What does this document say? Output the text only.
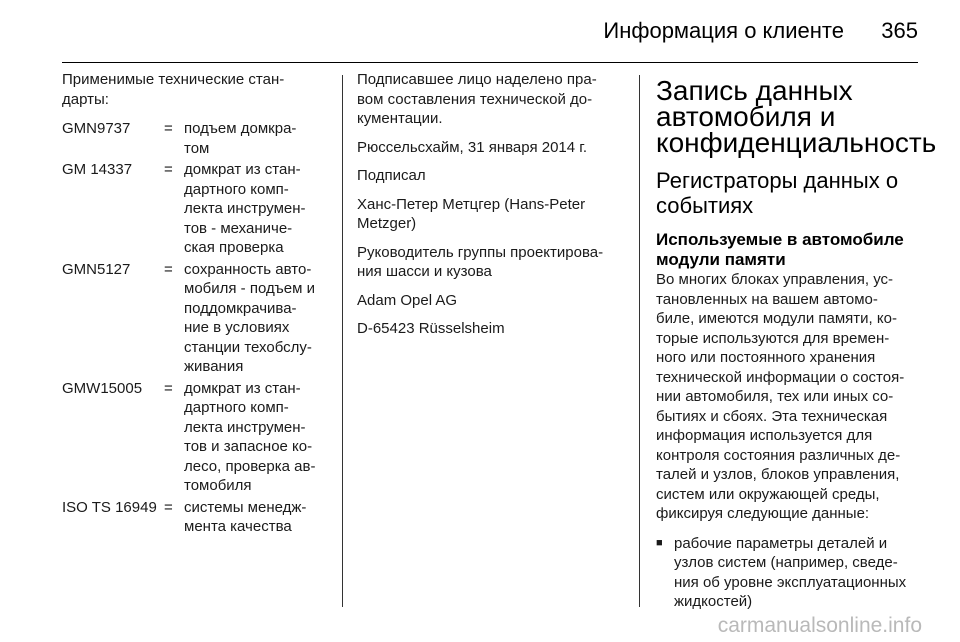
Информация о клиенте 365

Применимые технические стан-
дарты:

GMN9737	= подъем домкра-
том
GM 14337	= домкрат из стан-
дартного комп-
лекта инструмен-
тов - механиче-
ская проверка
GMN5127	= сохранность авто-
мобиля - подъем и
поддомкрачива-
ние в условиях
станции техобслу-
живания
GMW15005	= домкрат из стан-
дартного комп-
лекта инструмен-
тов и запасное ко-
лесо, проверка ав-
томобиля
ISO TS 16949 = системы менедж-
мента качества

Подписавшее лицо наделено пра-
вом составления технической до-
кументации.

Рюссельсхайм, 31 января 2014 г.

Подписал

Ханс-Петер Метцгер (Hans-Peter
Metzger)

Руководитель группы проектирова-
ния шасси и кузова

Adam Opel AG

D-65423 Rüsselsheim

Запись данных
автомобиля и
конфиденциальность
Регистраторы данных о
событиях
Используемые в автомобиле
модули памяти

Во многих блоках управления, ус-
тановленных на вашем автомо-
биле, имеются модули памяти, ко-
торые используются для времен-
ного или постоянного хранения
технической информации о состоя-
нии автомобиля, тех или иных со-
бытиях и сбоях. Эта техническая
информация используется для
контроля состояния различных де-
талей и узлов, блоков управления,
систем или окружающей среды,
фиксируя следующие данные:

■ рабочие параметры деталей и
узлов систем (например, сведе-
ния об уровне эксплуатационных
жидкостей)
carmanualsonline.info
